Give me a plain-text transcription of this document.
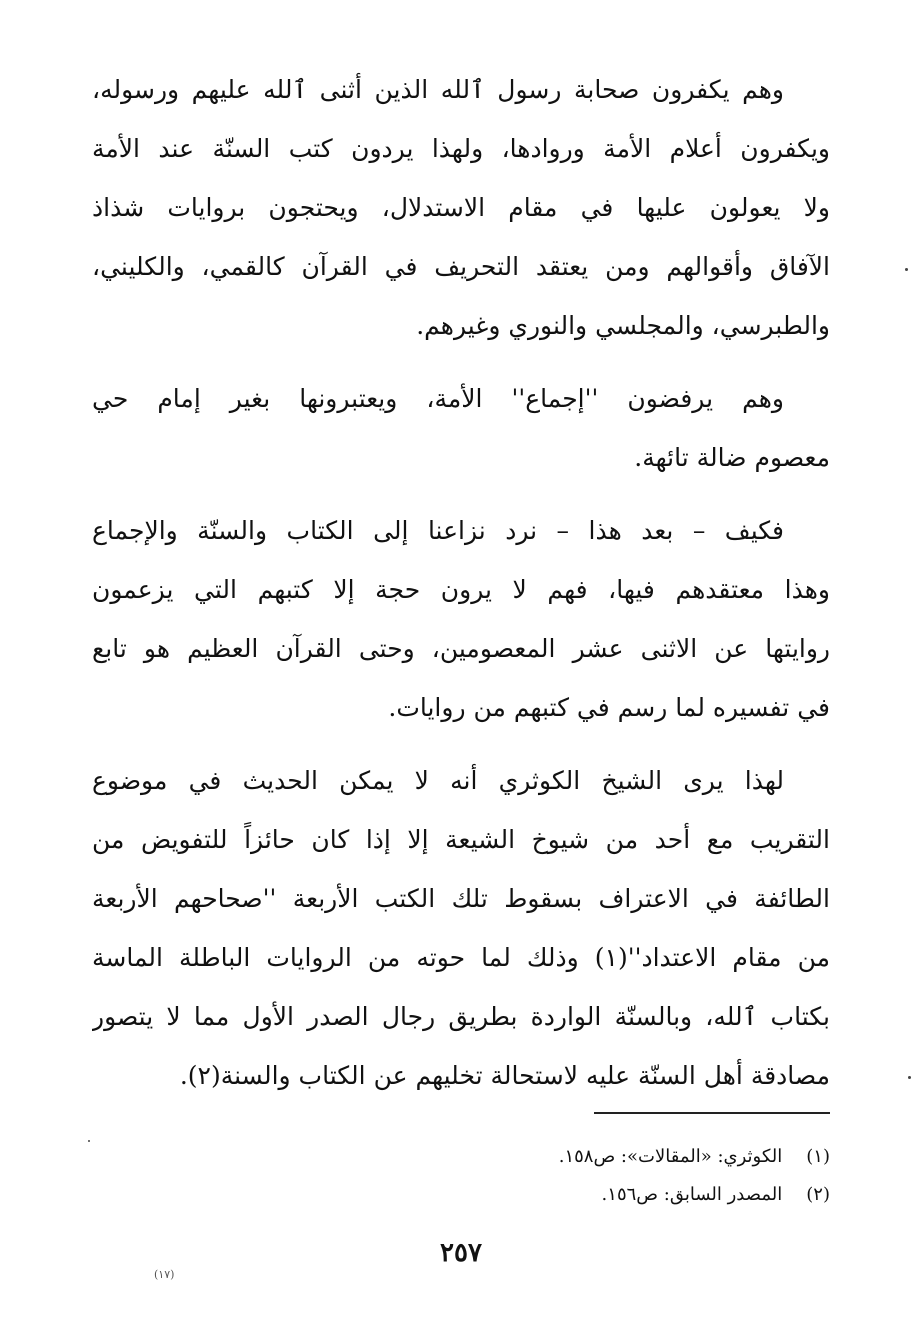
وهم يكفرون صحابة رسول ٱلله الذين أثنى ٱلله عليهم ورسوله،
ويكفرون أعلام الأمة وروادها، ولهذا يردون كتب السنّة عند الأمة
ولا يعولون عليها في مقام الاستدلال، ويحتجون بروايات شذاذ
الآفاق وأقوالهم ومن يعتقد التحريف في القرآن كالقمي، والكليني،
والطبرسي، والمجلسي والنوري وغيرهم.
وهم يرفضون ''إجماع'' الأمة، ويعتبرونها بغير إمام حي
معصوم ضالة تائهة.
فكيف – بعد هذا – نرد نزاعنا إلى الكتاب والسنّة والإجماع
وهذا معتقدهم فيها، فهم لا يرون حجة إلا كتبهم التي يزعمون
روايتها عن الاثنى عشر المعصومين، وحتى القرآن العظيم هو تابع
في تفسيره لما رسم في كتبهم من روايات.
لهذا يرى الشيخ الكوثري أنه لا يمكن الحديث في موضوع
التقريب مع أحد من شيوخ الشيعة إلا إذا كان حائزاً للتفويض من
الطائفة في الاعتراف بسقوط تلك الكتب الأربعة ''صحاحهم الأربعة
من مقام الاعتداد''(١) وذلك لما حوته من الروايات الباطلة الماسة
بكتاب ٱلله، وبالسنّة الواردة بطريق رجال الصدر الأول مما لا يتصور
مصادقة أهل السنّة عليه لاستحالة تخليهم عن الكتاب والسنة(٢).
(١) الكوثري: «المقالات»: ص١٥٨.
(٢) المصدر السابق: ص١٥٦.
٢٥٧
(١٧)
